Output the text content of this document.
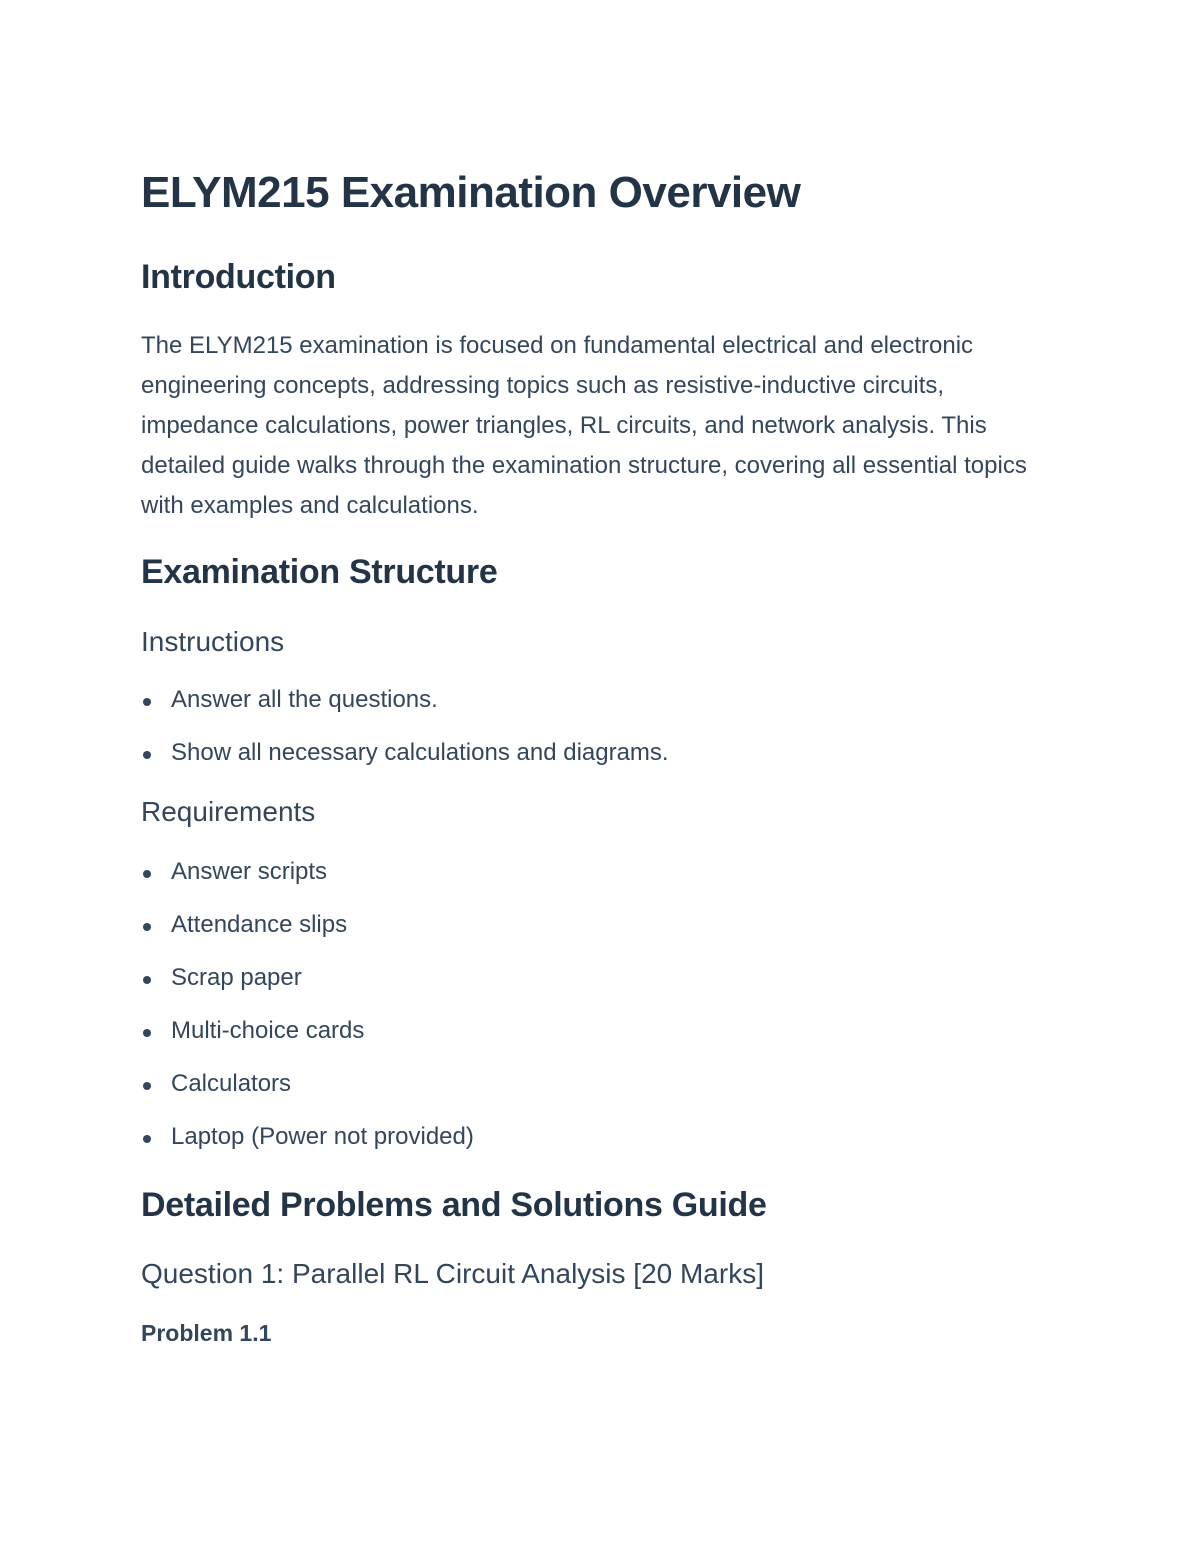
ELYM215 Examination Overview
Introduction

The ELYM215 examination is focused on fundamental electrical and electronic engineering concepts, addressing topics such as resistive-inductive circuits, impedance calculations, power triangles, RL circuits, and network analysis. This detailed guide walks through the examination structure, covering all essential topics with examples and calculations.

Examination Structure
Instructions
Answer all the questions.
Show all necessary calculations and diagrams.
Requirements
Answer scripts
Attendance slips
Scrap paper
Multi-choice cards
Calculators
Laptop (Power not provided)
Detailed Problems and Solutions Guide
Question 1: Parallel RL Circuit Analysis [20 Marks]
Problem 1.1
